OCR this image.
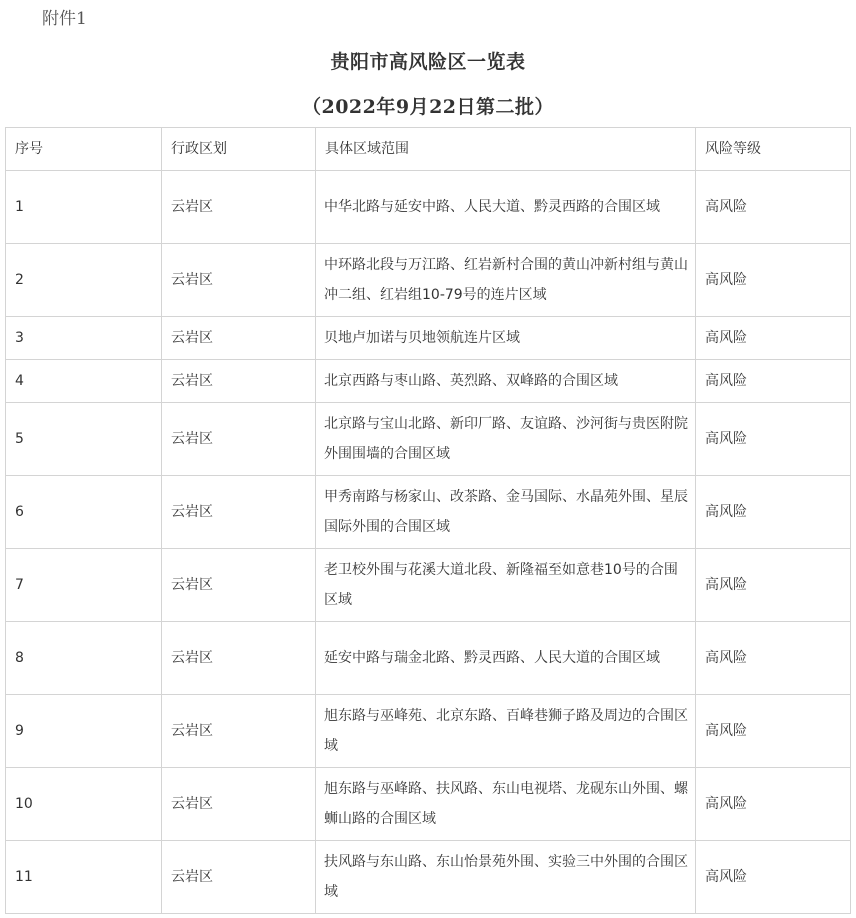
附件1
贵阳市高风险区一览表
（2022年9月22日第二批）
序号	行政区划	具体区域范围	风险等级
1	云岩区	中华北路与延安中路、人民大道、黔灵西路的合围区域	高风险
2	云岩区	中环路北段与万江路、红岩新村合围的黄山冲新村组与黄山冲二组、红岩组10-79号的连片区域	高风险
3	云岩区	贝地卢加诺与贝地领航连片区域	高风险
4	云岩区	北京西路与枣山路、英烈路、双峰路的合围区域	高风险
5	云岩区	北京路与宝山北路、新印厂路、友谊路、沙河街与贵医附院外围围墙的合围区域	高风险
6	云岩区	甲秀南路与杨家山、改茶路、金马国际、水晶苑外围、星辰国际外围的合围区域	高风险
7	云岩区	老卫校外围与花溪大道北段、新隆福至如意巷10号的合围区域	高风险
8	云岩区	延安中路与瑞金北路、黔灵西路、人民大道的合围区域	高风险
9	云岩区	旭东路与巫峰苑、北京东路、百峰巷狮子路及周边的合围区域	高风险
10	云岩区	旭东路与巫峰路、扶风路、东山电视塔、龙砚东山外围、螺蛳山路的合围区域	高风险
11	云岩区	扶风路与东山路、东山怡景苑外围、实验三中外围的合围区域	高风险
